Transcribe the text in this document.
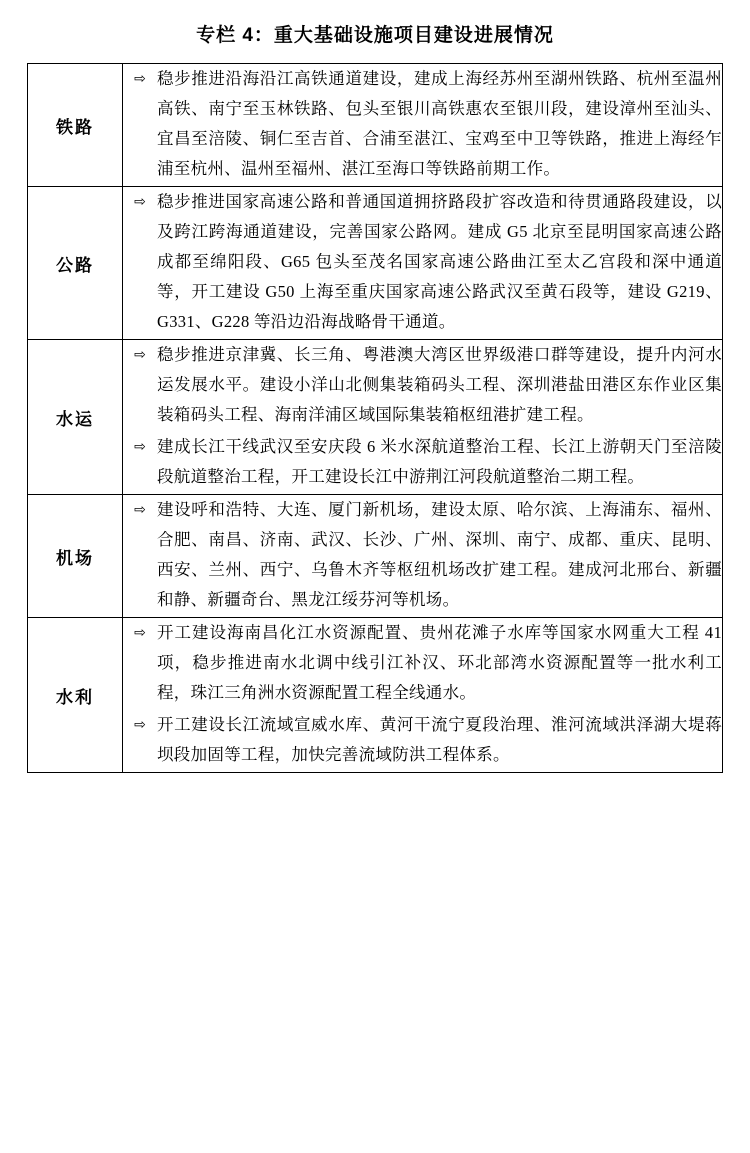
专栏 4：重大基础设施项目建设进展情况
铁路	⇨ 稳步推进沿海沿江高铁通道建设，建成上海经苏州至湖州铁路、杭州至温州高铁、南宁至玉林铁路、包头至银川高铁惠农至银川段，建设漳州至汕头、宜昌至涪陵、铜仁至吉首、合浦至湛江、宝鸡至中卫等铁路，推进上海经乍浦至杭州、温州至福州、湛江至海口等铁路前期工作。

公路	⇨ 稳步推进国家高速公路和普通国道拥挤路段扩容改造和待贯通路段建设，以及跨江跨海通道建设，完善国家公路网。建成 G5 北京至昆明国家高速公路成都至绵阳段、G65 包头至茂名国家高速公路曲江至太乙宫段和深中通道等，开工建设 G50 上海至重庆国家高速公路武汉至黄石段等，建设 G219、G331、G228 等沿边沿海战略骨干通道。

水运	⇨ 稳步推进京津冀、长三角、粤港澳大湾区世界级港口群等建设，提升内河水运发展水平。建设小洋山北侧集装箱码头工程、深圳港盐田港区东作业区集装箱码头工程、海南洋浦区域国际集装箱枢纽港扩建工程。
⇨ 建成长江干线武汉至安庆段 6 米水深航道整治工程、长江上游朝天门至涪陵段航道整治工程，开工建设长江中游荆江河段航道整治二期工程。

机场	⇨ 建设呼和浩特、大连、厦门新机场，建设太原、哈尔滨、上海浦东、福州、合肥、南昌、济南、武汉、长沙、广州、深圳、南宁、成都、重庆、昆明、西安、兰州、西宁、乌鲁木齐等枢纽机场改扩建工程。建成河北邢台、新疆和静、新疆奇台、黑龙江绥芬河等机场。

水利	⇨ 开工建设海南昌化江水资源配置、贵州花滩子水库等国家水网重大工程 41 项，稳步推进南水北调中线引江补汉、环北部湾水资源配置等一批水利工程，珠江三角洲水资源配置工程全线通水。
⇨ 开工建设长江流域宣威水库、黄河干流宁夏段治理、淮河流域洪泽湖大堤蒋坝段加固等工程，加快完善流域防洪工程体系。
